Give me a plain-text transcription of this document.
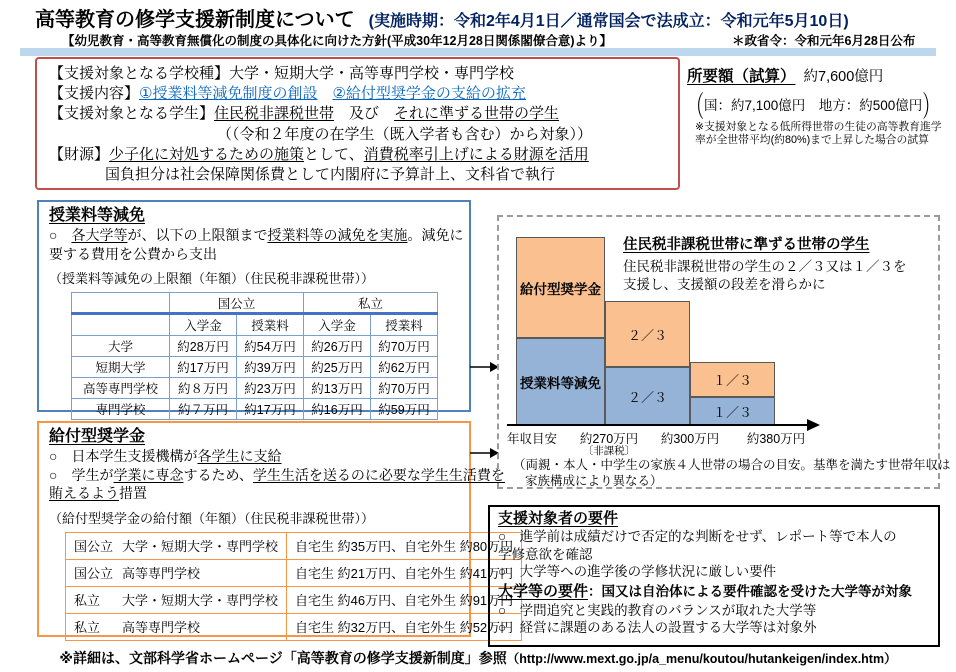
高等教育の修学支援新制度について (実施時期：令和2年4月1日／通常国会で法成立：令和元年5月10日)
【幼児教育・高等教育無償化の制度の具体化に向けた方針(平成30年12月28日関係閣僚合意)より】	＊政省令：令和元年6月28日公布
【支援対象となる学校種】大学・短期大学・高等専門学校・専門学校
【支援内容】①授業料等減免制度の創設　 ②給付型奨学金の支給の拡充
【支援対象となる学生】住民税非課税世帯　及び　それに準ずる世帯の学生
（（令和２年度の在学生（既入学者も含む）から対象））
【財源】少子化に対処するための施策として、消費税率引上げによる財源を活用
国負担分は社会保障関係費として内閣府に予算計上、文科省で執行
所要額（試算） 約7,600億円
（国：約7,100億円　地方：約500億円）
※支援対象となる低所得世帯の生徒の高等教育進学
率が全世帯平均(約80%)まで上昇した場合の試算
授業料等減免
○　各大学等が、以下の上限額まで授業料等の減免を実施。減免に
要する費用を公費から支出
（授業料等減免の上限額（年額）（住民税非課税世帯））
	国公立		私立	
	入学金	授業料	入学金	授業料
大学	約28万円	約54万円	約26万円	約70万円
短期大学	約17万円	約39万円	約25万円	約62万円
高等専門学校	約８万円	約23万円	約13万円	約70万円
専門学校	約７万円	約17万円	約16万円	約59万円
給付型奨学金
○　日本学生支援機構が各学生に支給
○　学生が学業に専念するため、学生生活を送るのに必要な学生生活費を
賄えるよう措置
（給付型奨学金の給付額（年額）（住民税非課税世帯））
国公立 大学・短期大学・専門学校	自宅生 約35万円、自宅外生 約80万円
国公立 高等専門学校	自宅生 約21万円、自宅外生 約41万円
私立 大学・短期大学・専門学校	自宅生 約46万円、自宅外生 約91万円
私立 高等専門学校	自宅生 約32万円、自宅外生 約52万円
住民税非課税世帯に準ずる世帯の学生
住民税非課税世帯の学生の２／３又は１／３を
支援し、支援額の段差を滑らかに
給付型奨学金
授業料等減免
２／３
２／３
１／３
１／３
年収目安 約270万円
〔非課税〕
約300万円 約380万円
（両親・本人・中学生の家族４人世帯の場合の目安。基準を満たす世帯年収は
家族構成により異なる）
支援対象者の要件
○　進学前は成績だけで否定的な判断をせず、レポート等で本人の
学修意欲を確認
○　大学等への進学後の学修状況に厳しい要件
大学等の要件：国又は自治体による要件確認を受けた大学等が対象
○　学問追究と実践的教育のバランスが取れた大学等
○　経営に課題のある法人の設置する大学等は対象外
※詳細は、文部科学省ホームページ「高等教育の修学支援新制度」参照（http://www.mext.go.jp/a_menu/koutou/hutankeigen/index.htm）
